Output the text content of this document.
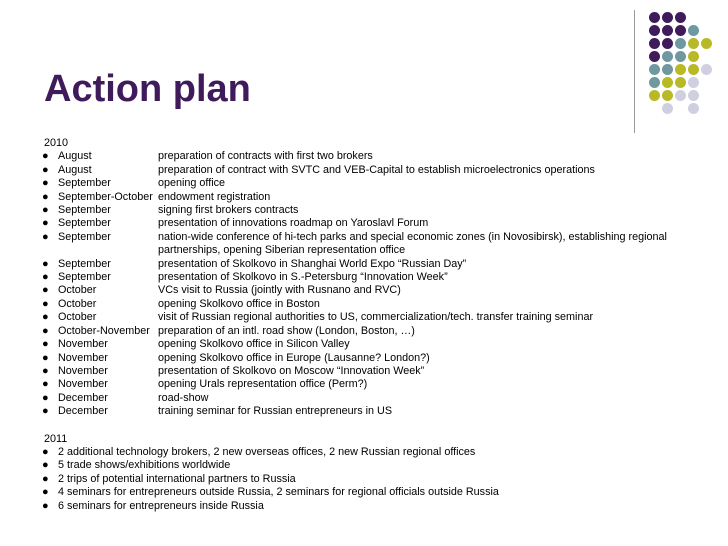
Action plan
2010
● August	preparation of contracts with first two brokers
● August	preparation of contract with SVTC and VEB-Capital to establish microelectronics operations
● September	opening office
● September-October endowment registration
● September	signing first brokers contracts
● September	presentation of innovations roadmap on Yaroslavl Forum
● September	nation-wide conference of hi-tech parks and special economic zones (in Novosibirsk), establishing regional partnerships, opening Siberian representation office
● September	presentation of Skolkovo in Shanghai World Expo “Russian Day”
● September	presentation of Skolkovo in S.-Petersburg “Innovation Week”
● October	VCs visit to Russia (jointly with Rusnano and RVC)
● October	opening Skolkovo office in Boston
● October	visit of Russian regional authorities to US, commercialization/tech. transfer training seminar
● October-November preparation of an intl. road show (London, Boston, …)
● November	opening Skolkovo office in Silicon Valley
● November	opening Skolkovo office in Europe (Lausanne? London?)
● November	presentation of Skolkovo on Moscow “Innovation Week”
● November	opening Urals representation office (Perm?)
● December	road-show
● December	training seminar for Russian entrepreneurs in US
2011
● 2 additional technology brokers, 2 new overseas offices, 2 new Russian regional offices
● 5 trade shows/exhibitions worldwide
● 2 trips of potential international partners to Russia
● 4 seminars for entrepreneurs outside Russia, 2 seminars for regional officials outside Russia
● 6 seminars for entrepreneurs inside Russia
